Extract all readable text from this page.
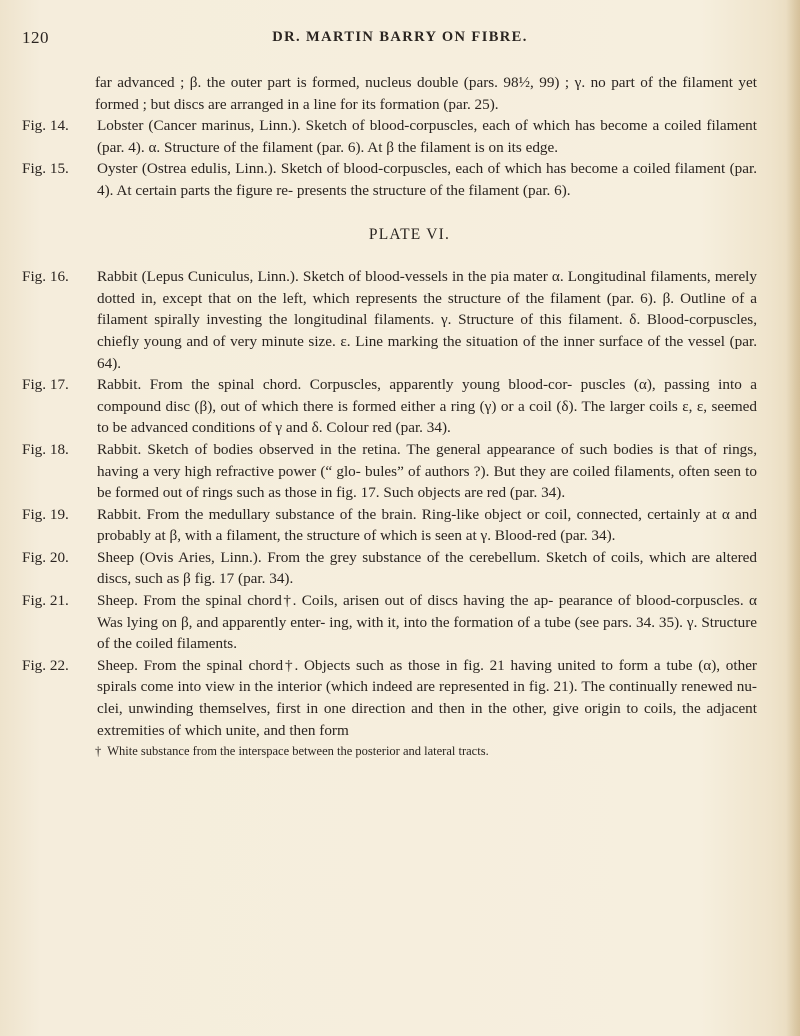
120	DR. MARTIN BARRY ON FIBRE.

far advanced ; β. the outer part is formed, nucleus double (pars. 98½, 99) ; γ. no part of the filament yet formed ; but discs are arranged in a line for its formation (par. 25).

Fig. 14.	Lobster (Cancer marinus, Linn.). Sketch of blood-corpuscles, each of which has become a coiled filament (par. 4). α. Structure of the filament (par. 6). At β the filament is on its edge.
Fig. 15.	Oyster (Ostrea edulis, Linn.). Sketch of blood-corpuscles, each of which has become a coiled filament (par. 4). At certain parts the figure re- presents the structure of the filament (par. 6).
PLATE VI.
Fig. 16.	Rabbit (Lepus Cuniculus, Linn.). Sketch of blood-vessels in the pia mater α. Longitudinal filaments, merely dotted in, except that on the left, which represents the structure of the filament (par. 6). β. Outline of a filament spirally investing the longitudinal filaments. γ. Structure of this filament. δ. Blood-corpuscles, chiefly young and of very minute size. ε. Line marking the situation of the inner surface of the vessel (par. 64).
Fig. 17.	Rabbit. From the spinal chord. Corpuscles, apparently young blood-cor- puscles (α), passing into a compound disc (β), out of which there is formed either a ring (γ) or a coil (δ). The larger coils ε, ε, seemed to be advanced conditions of γ and δ. Colour red (par. 34).
Fig. 18.	Rabbit. Sketch of bodies observed in the retina. The general appearance of such bodies is that of rings, having a very high refractive power (“ glo- bules” of authors ?). But they are coiled filaments, often seen to be formed out of rings such as those in fig. 17. Such objects are red (par. 34).
Fig. 19.	Rabbit. From the medullary substance of the brain. Ring-like object or coil, connected, certainly at α and probably at β, with a filament, the structure of which is seen at γ. Blood-red (par. 34).
Fig. 20.	Sheep (Ovis Aries, Linn.). From the grey substance of the cerebellum. Sketch of coils, which are altered discs, such as β fig. 17 (par. 34).
Fig. 21.	Sheep. From the spinal chord†. Coils, arisen out of discs having the ap- pearance of blood-corpuscles. α Was lying on β, and apparently enter- ing, with it, into the formation of a tube (see pars. 34. 35). γ. Structure of the coiled filaments.
Fig. 22.	Sheep. From the spinal chord†. Objects such as those in fig. 21 having united to form a tube (α), other spirals come into view in the interior (which indeed are represented in fig. 21). The continually renewed nu- clei, unwinding themselves, first in one direction and then in the other, give origin to coils, the adjacent extremities of which unite, and then form
† White substance from the interspace between the posterior and lateral tracts.
